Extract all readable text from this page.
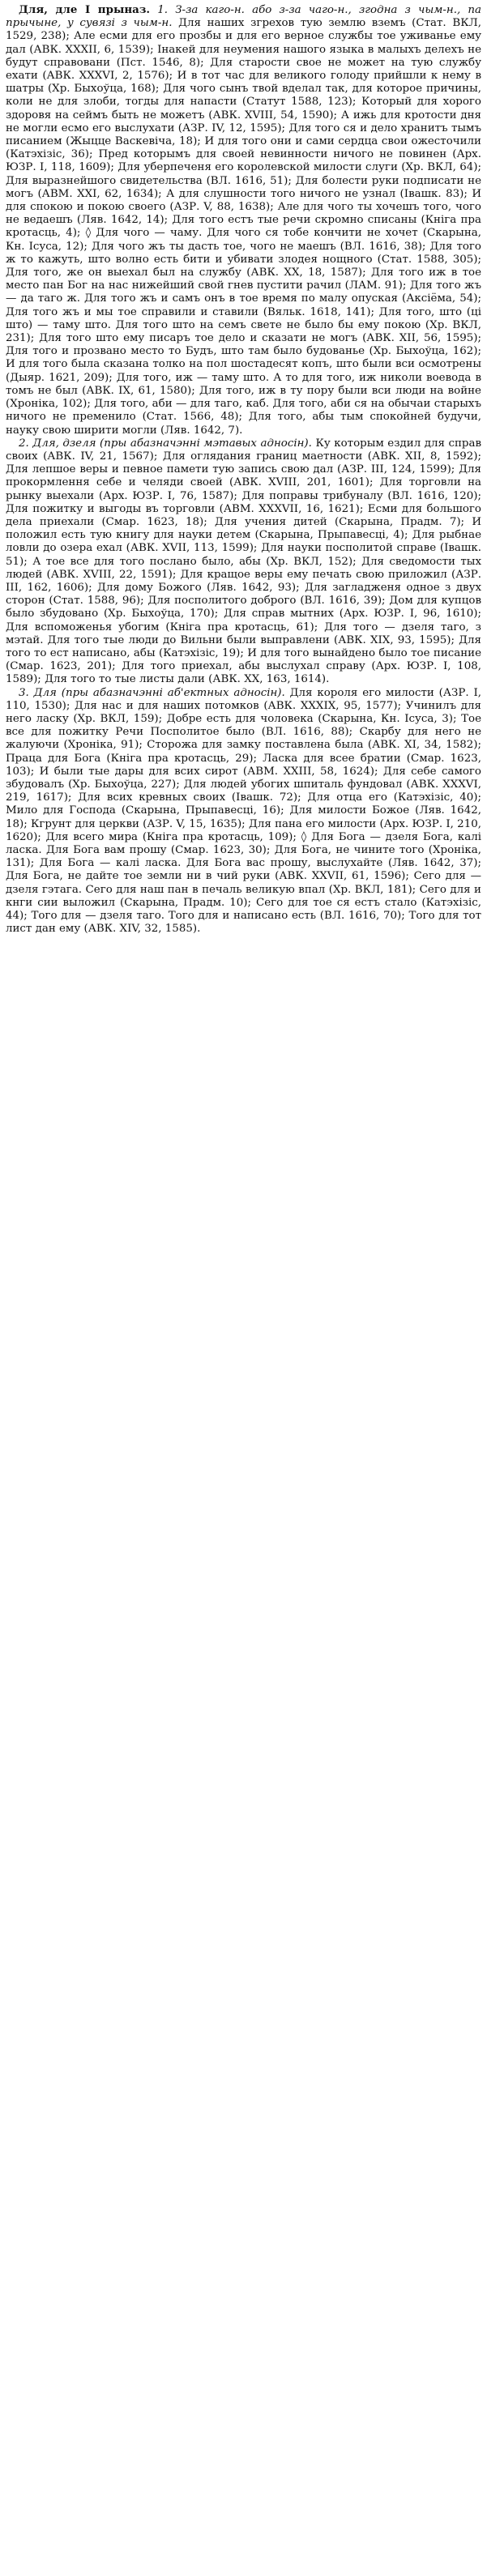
Для, дле I прыназ. 1. З-за каго-н. або з-за чаго-н., згодна з чым-н., па прычыне, у сувязі з чым-н. Для наших згрехов тую землю вземъ (Стат. ВКЛ, 1529, 238); Але есми для его прозбы и для его верное службы тое уживанье ему дал (АВК. XXXII, 6, 1539); Iнакей для неумения нашого языка в малыхъ делехъ не будут справовани (Пст. 1546, 8); Для старости свое не может на тую службу ехати (АВК. XXXVI, 2, 1576); И в тот час для великого голоду прийшли к нему в шатры (Хр. Быхоўца, 168); Для чого сынъ твой вделал так, для которое причины, коли не для злоби, тогды для напасти (Статут 1588, 123); Который для хорого здоровя на сеймъ быть не можетъ (АВК. XVIII, 54, 1590); А ижь для кротости дня не могли есмо его выслухати (АЗР. IV, 12, 1595); Для того ся и дело хранитъ тымъ писанием (Жыцце Васкевіча, 18); И для того они и сами сердца свои ожесточили (Катэхізіс, 36); Пред которымъ для своей невинности ничого не повинен (Арх. ЮЗР. I, 118, 1609); Для уберпеченя его королевской милости слуги (Хр. ВКЛ, 64); Для выразнейшого свидетельства (ВЛ. 1616, 51); Для болести руки подписати не могъ (АВМ. XXI, 62, 1634); А для слушности того ничого не узнал (Івашк. 83); И для спокою и покою своего (АЗР. V, 88, 1638); Але для чого ты хочешъ того, чого не ведаешъ (Ляв. 1642, 14); Для того естъ тые речи скромно списаны (Кніга пра кротасць, 4); ◊ Для чого — чаму. Для чого ся тобе кончити не хочет (Скарына, Кн. Ісуса, 12); Для чого жъ ты дасть тое, чого не маешъ (ВЛ. 1616, 38); Для того ж то кажуть, што волно есть бити и убивати злодея нощного (Стат. 1588, 305); Для того, же он выехал был на службу (АВК. XX, 18, 1587); Для того иж в тое место пан Бог на нас нижейший свой гнев пустити рачил (ЛАМ. 91); Для того жъ — да таго ж. Для того жъ и самъ онъ в тое время по малу опуская (Аксіёма, 54); Для того жъ и мы тое справили и ставили (Вяльк. 1618, 141); Для того, што (ці што) — таму што. Для того што на семъ свете не было бы ему покою (Хр. ВКЛ, 231); Для того што ему писаръ тое дело и сказати не могъ (АВК. XII, 56, 1595); Для того и прозвано место то Будъ, што там было будованье (Хр. Быхоўца, 162); И для того была сказана толко на пол шостадесят копъ, што были вси осмотрены (Дыяр. 1621, 209); Для того, иж — таму што. А то для того, иж николи воевода в томъ не был (АВК. IX, 61, 1580); Для того, иж в ту пору были вси люди на войне (Хроніка, 102); Для того, аби — для таго, каб. Для того, аби ся на обычаи старыхъ ничого не пременило (Стат. 1566, 48); Для того, абы тым спокойней будучи, науку свою ширити могли (Ляв. 1642, 7).

2. Для, дзеля (пры абазначэнні мэтавых адносін). Ку которым ездил для справ своих (АВК. IV, 21, 1567); Для оглядания границ маетности (АВК. XII, 8, 1592); Для лепшое веры и певное памети тую запись свою дал (АЗР. III, 124, 1599); Для прокормлення себе и челяди своей (АВК. XVIII, 201, 1601); Для торговли на рынку выехали (Арх. ЮЗР. I, 76, 1587); Для поправы трибуналу (ВЛ. 1616, 120); Для пожитку и выгоды въ торговли (АВМ. XXXVII, 16, 1621); Есми для большого дела приехали (Смар. 1623, 18); Для учения дитей (Скарына, Прадм. 7); И положил есть тую книгу для науки детем (Скарына, Прыпавесці, 4); Для рыбнае ловли до озера ехал (АВК. XVII, 113, 1599); Для науки посполитой справе (Івашк. 51); А тое все для того послано было, абы (Хр. ВКЛ, 152); Для сведомости тых людей (АВК. XVIII, 22, 1591); Для кращое веры ему печать свою приложил (АЗР. III, 162, 1606); Для дому Божого (Ляв. 1642, 93); Для загладженя одное з двух сторон (Стат. 1588, 96); Для посполитого доброго (ВЛ. 1616, 39); Дом для купцов было збудовано (Хр. Быхоўца, 170); Для справ мытних (Арх. ЮЗР. I, 96, 1610); Для вспоможенья убогим (Кніга пра кротасць, 61); Для того — дзеля таго, з мэтай. Для того тые люди до Вильни были выправлени (АВК. XIX, 93, 1595); Для того то ест написано, абы (Катэхізіс, 19); И для того вынайдено было тое писание (Смар. 1623, 201); Для того приехал, абы выслухал справу (Арх. ЮЗР. I, 108, 1589); Для того то тые листы дали (АВК. XX, 163, 1614).

3. Для (пры абазначэнні аб'ектных адносін). Для короля его милости (АЗР. I, 110, 1530); Для нас и для наших потомков (АВК. XXXIX, 95, 1577); Учинилъ для него ласку (Хр. ВКЛ, 159); Добре есть для чоловека (Скарына, Кн. Ісуса, 3); Тое все для пожитку Речи Посполитое было (ВЛ. 1616, 88); Скарбу для него не жалуючи (Хроніка, 91); Сторожа для замку поставлена была (АВК. XI, 34, 1582); Праца для Бога (Кніга пра кротасць, 29); Ласка для всее братии (Смар. 1623, 103); И были тые дары для всих сирот (АВМ. XXIII, 58, 1624); Для себе самого збудовалъ (Хр. Быхоўца, 227); Для людей убогих шпиталь фундовал (АВК. XXXVI, 219, 1617); Для всих кревных своих (Івашк. 72); Для отца его (Катэхізіс, 40); Мило для Господа (Скарына, Прыпавесці, 16); Для милости Божое (Ляв. 1642, 18); Кгрунт для церкви (АЗР. V, 15, 1635); Для пана его милости (Арх. ЮЗР. I, 210, 1620); Для всего мира (Кніга пра кротасць, 109); ◊ Для Бога — дзеля Бога, калі ласка. Для Бога вам прошу (Смар. 1623, 30); Для Бога, не чините того (Хроніка, 131); Для Бога — калі ласка. Для Бога вас прошу, выслухайте (Ляв. 1642, 37); Для Бога, не дайте тое земли ни в чий руки (АВК. XXVII, 61, 1596); Сего для — дзеля гэтага. Сего для наш пан в печаль великую впал (Хр. ВКЛ, 181); Сего для и кнги сии выложил (Скарына, Прадм. 10); Сего для тое ся естъ стало (Катэхізіс, 44); Того для — дзеля таго. Того для и написано есть (ВЛ. 1616, 70); Того для тот лист дан ему (АВК. XIV, 32, 1585).
